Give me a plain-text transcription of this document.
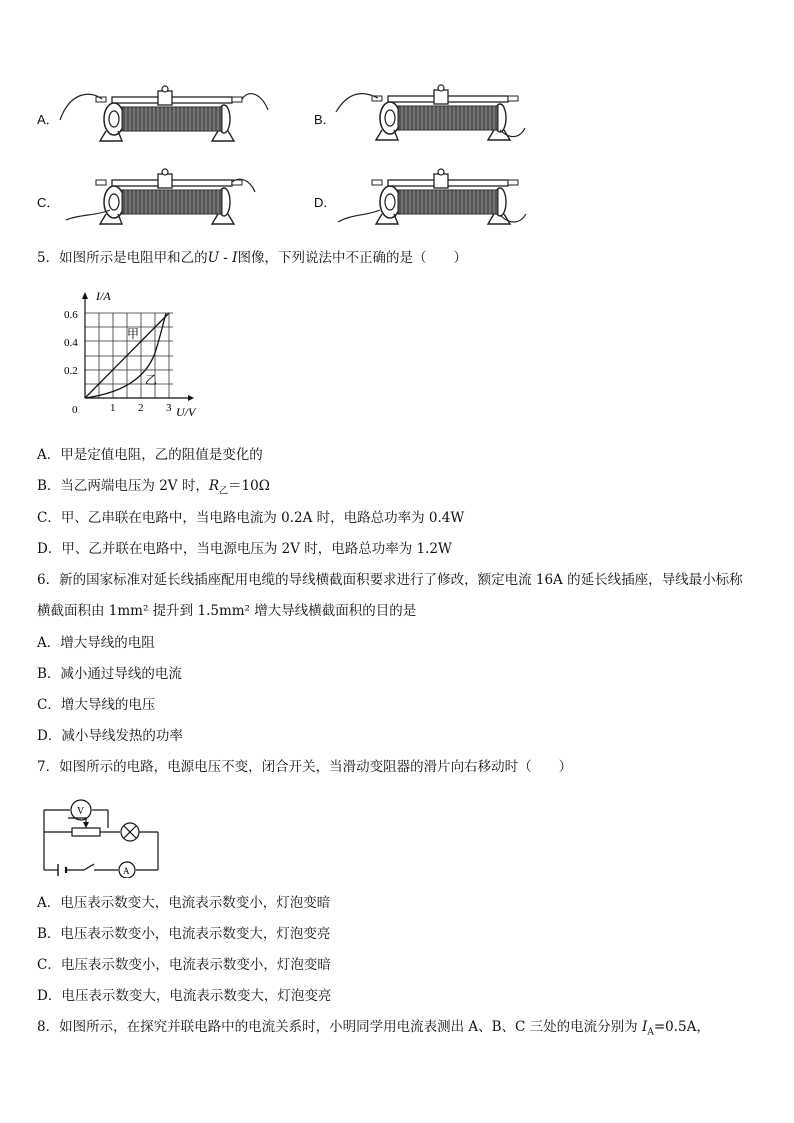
A．	B．
C．	D．
5．如图所示是电阻甲和乙的U - I图像，下列说法中不正确的是（　　）
I/A
U/V
0
0.2
0.4
0.6
1 2 3
甲
乙
A．甲是定值电阻，乙的阻值是变化的
B．当乙两端电压为 2V 时，$R_乙=10\Omega$
C．甲、乙串联在电路中，当电路电流为 0.2A 时，电路总功率为 0.4W
D．甲、乙并联在电路中，当电源电压为 2V 时，电路总功率为 1.2W
6．新的国家标准对延长线插座配用电缆的导线横截面积要求进行了修改，额定电流 16A 的延长线插座，导线最小标称
横截面积由 1mm² 提升到 1.5mm² 增大导线横截面积的目的是
A．增大导线的电阻
B．减小通过导线的电流
C．增大导线的电压
D．减小导线发热的功率
7．如图所示的电路，电源电压不变，闭合开关，当滑动变阻器的滑片向右移动时（　　）
V
A
A．电压表示数变大，电流表示数变小，灯泡变暗
B．电压表示数变小，电流表示数变大，灯泡变亮
C．电压表示数变小，电流表示数变小，灯泡变暗
D．电压表示数变大，电流表示数变大，灯泡变亮
8．如图所示，在探究并联电路中的电流关系时，小明同学用电流表测出 A、B、C 三处的电流分别为 $I_A=0.5A$，
